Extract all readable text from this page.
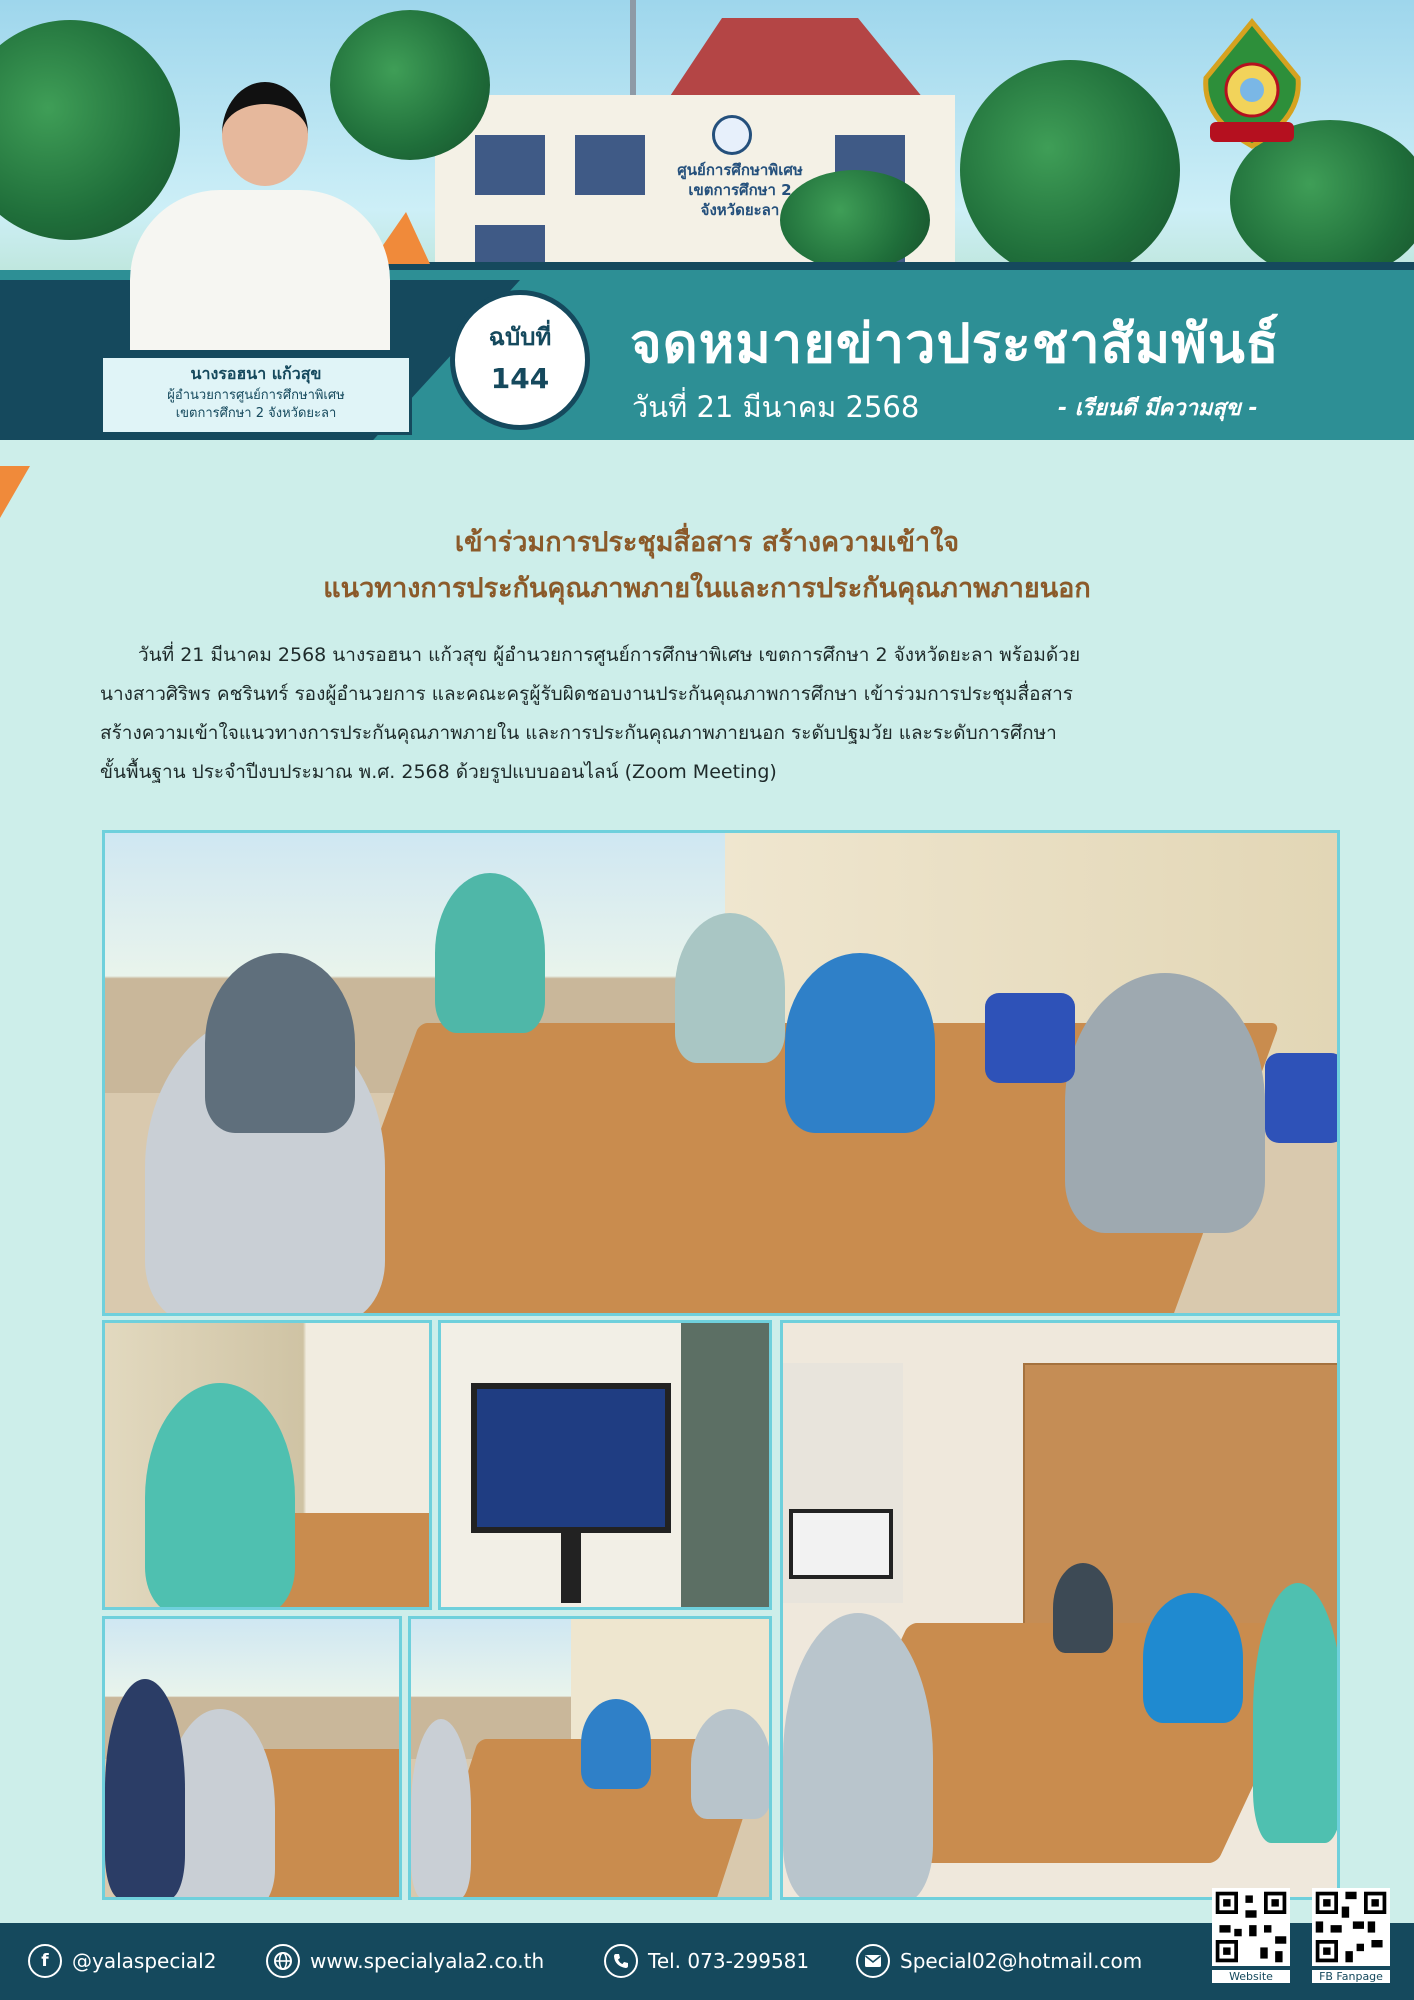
ศูนย์การศึกษาพิเศษ
เขตการศึกษา 2
จังหวัดยะลา
นางรอฮนา แก้วสุข
ผู้อำนวยการศูนย์การศึกษาพิเศษ
เขตการศึกษา 2 จังหวัดยะลา
ฉบับที่
144
จดหมายข่าวประชาสัมพันธ์
วันที่ 21 มีนาคม 2568	- เรียนดี มีความสุข -
เข้าร่วมการประชุมสื่อสาร สร้างความเข้าใจ
แนวทางการประกันคุณภาพภายในและการประกันคุณภาพภายนอก
วันที่ 21 มีนาคม 2568 นางรอฮนา แก้วสุข ผู้อำนวยการศูนย์การศึกษาพิเศษ เขตการศึกษา 2 จังหวัดยะลา พร้อมด้วย
นางสาวศิริพร คชรินทร์ รองผู้อำนวยการ และคณะครูผู้รับผิดชอบงานประกันคุณภาพการศึกษา เข้าร่วมการประชุมสื่อสาร
สร้างความเข้าใจแนวทางการประกันคุณภาพภายใน และการประกันคุณภาพภายนอก ระดับปฐมวัย และระดับการศึกษา
ขั้นพื้นฐาน ประจำปีงบประมาณ พ.ศ. 2568 ด้วยรูปแบบออนไลน์ (Zoom Meeting)
f	@yalaspecial2	www.specialyala2.co.th	Tel. 073-299581	Special02@hotmail.com
Website	FB Fanpage
